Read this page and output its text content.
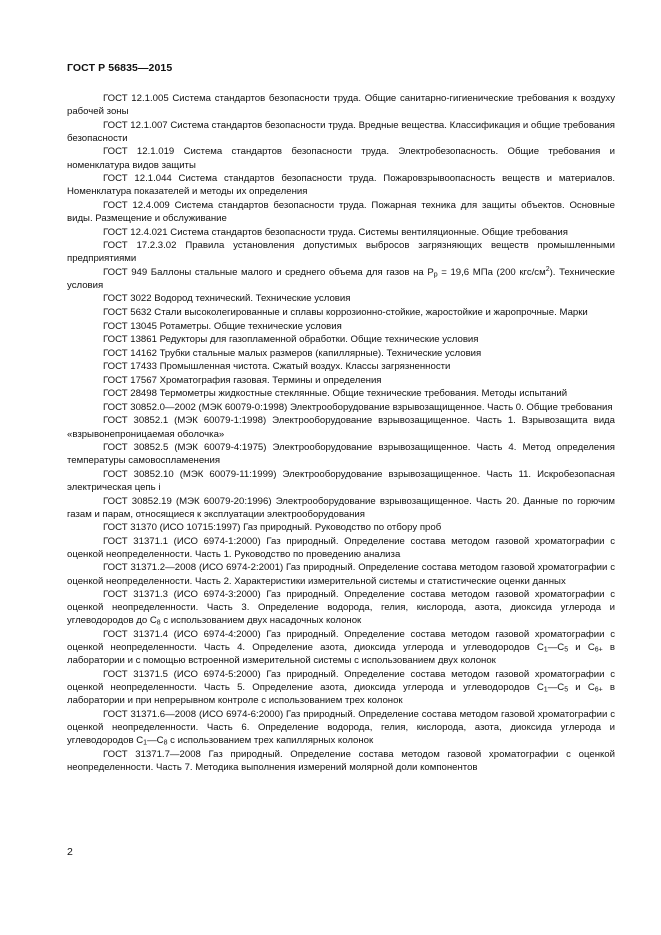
ГОСТ Р 56835—2015

ГОСТ 12.1.005 Система стандартов безопасности труда. Общие санитарно-гигиенические требования к воздуху рабочей зоны

ГОСТ 12.1.007 Система стандартов безопасности труда. Вредные вещества. Классификация и общие требования безопасности

ГОСТ 12.1.019 Система стандартов безопасности труда. Электробезопасность. Общие требования и номенклатура видов защиты

ГОСТ 12.1.044 Система стандартов безопасности труда. Пожаровзрывоопасность веществ и материалов. Номенклатура показателей и методы их определения

ГОСТ 12.4.009 Система стандартов безопасности труда. Пожарная техника для защиты объектов. Основные виды. Размещение и обслуживание

ГОСТ 12.4.021 Система стандартов безопасности труда. Системы вентиляционные. Общие требования

ГОСТ 17.2.3.02 Правила установления допустимых выбросов загрязняющих веществ промышленными предприятиями

ГОСТ 949 Баллоны стальные малого и среднего объема для газов на $P_р = 19,6$ МПа (200 кгс/$см^2$). Технические условия

ГОСТ 3022 Водород технический. Технические условия

ГОСТ 5632 Стали высоколегированные и сплавы коррозионно-стойкие, жаростойкие и жаропрочные. Марки

ГОСТ 13045 Ротаметры. Общие технические условия

ГОСТ 13861 Редукторы для газопламенной обработки. Общие технические условия

ГОСТ 14162 Трубки стальные малых размеров (капиллярные). Технические условия

ГОСТ 17433 Промышленная чистота. Сжатый воздух. Классы загрязненности

ГОСТ 17567 Хроматография газовая. Термины и определения

ГОСТ 28498 Термометры жидкостные стеклянные. Общие технические требования. Методы испытаний

ГОСТ 30852.0—2002 (МЭК 60079-0:1998) Электрооборудование взрывозащищенное. Часть 0. Общие требования

ГОСТ 30852.1 (МЭК 60079-1:1998) Электрооборудование взрывозащищенное. Часть 1. Взрывозащита вида «взрывонепроницаемая оболочка»

ГОСТ 30852.5 (МЭК 60079-4:1975) Электрооборудование взрывозащищенное. Часть 4. Метод определения температуры самовоспламенения

ГОСТ 30852.10 (МЭК 60079-11:1999) Электрооборудование взрывозащищенное. Часть 11. Искробезопасная электрическая цепь i

ГОСТ 30852.19 (МЭК 60079-20:1996) Электрооборудование взрывозащищенное. Часть 20. Данные по горючим газам и парам, относящиеся к эксплуатации электрооборудования

ГОСТ 31370 (ИСО 10715:1997) Газ природный. Руководство по отбору проб

ГОСТ 31371.1 (ИСО 6974-1:2000) Газ природный. Определение состава методом газовой хроматографии с оценкой неопределенности. Часть 1. Руководство по проведению анализа

ГОСТ 31371.2—2008 (ИСО 6974-2:2001) Газ природный. Определение состава методом газовой хроматографии с оценкой неопределенности. Часть 2. Характеристики измерительной системы и статистические оценки данных

ГОСТ 31371.3 (ИСО 6974-3:2000) Газ природный. Определение состава методом газовой хроматографии с оценкой неопределенности. Часть 3. Определение водорода, гелия, кислорода, азота, диоксида углерода и углеводородов до $C_8$ с использованием двух насадочных колонок

ГОСТ 31371.4 (ИСО 6974-4:2000) Газ природный. Определение состава методом газовой хроматографии с оценкой неопределенности. Часть 4. Определение азота, диоксида углерода и углеводородов $C_1—C_5$ и $C_{6+}$ в лаборатории и с помощью встроенной измерительной системы с использованием двух колонок

ГОСТ 31371.5 (ИСО 6974-5:2000) Газ природный. Определение состава методом газовой хроматографии с оценкой неопределенности. Часть 5. Определение азота, диоксида углерода и углеводородов $C_1—C_5$ и $C_{6+}$ в лаборатории и при непрерывном контроле с использованием трех колонок

ГОСТ 31371.6—2008 (ИСО 6974-6:2000) Газ природный. Определение состава методом газовой хроматографии с оценкой неопределенности. Часть 6. Определение водорода, гелия, кислорода, азота, диоксида углерода и углеводородов $C_1—C_8$ с использованием трех капиллярных колонок

ГОСТ 31371.7—2008 Газ природный. Определение состава методом газовой хроматографии с оценкой неопределенности. Часть 7. Методика выполнения измерений молярной доли компонентов

2
